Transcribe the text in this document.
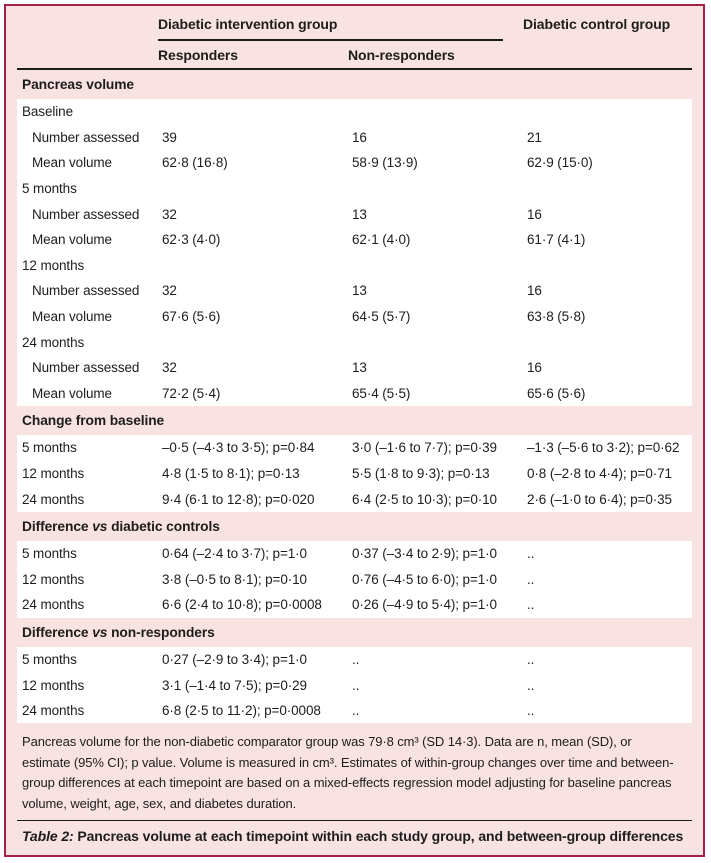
Diabetic intervention group	Diabetic control group
Responders	Non-responders
Pancreas volume
Baseline
Number assessed	39	16	21
Mean volume	62·8 (16·8)	58·9 (13·9)	62·9 (15·0)
5 months
Number assessed	32	13	16
Mean volume	62·3 (4·0)	62·1 (4·0)	61·7 (4·1)
12 months
Number assessed	32	13	16
Mean volume	67·6 (5·6)	64·5 (5·7)	63·8 (5·8)
24 months
Number assessed	32	13	16
Mean volume	72·2 (5·4)	65·4 (5·5)	65·6 (5·6)
Change from baseline
5 months	–0·5 (–4·3 to 3·5); p=0·84	3·0 (–1·6 to 7·7); p=0·39	–1·3 (–5·6 to 3·2); p=0·62
12 months	4·8 (1·5 to 8·1); p=0·13	5·5 (1·8 to 9·3); p=0·13	0·8 (–2·8 to 4·4); p=0·71
24 months	9·4 (6·1 to 12·8); p=0·020	6·4 (2·5 to 10·3); p=0·10	2·6 (–1·0 to 6·4); p=0·35
Difference vs diabetic controls
5 months	0·64 (–2·4 to 3·7); p=1·0	0·37 (–3·4 to 2·9); p=1·0	..
12 months	3·8 (–0·5 to 8·1); p=0·10	0·76 (–4·5 to 6·0); p=1·0	..
24 months	6·6 (2·4 to 10·8); p=0·0008	0·26 (–4·9 to 5·4); p=1·0	..
Difference vs non-responders
5 months	0·27 (–2·9 to 3·4); p=1·0	..	..
12 months	3·1 (–1·4 to 7·5); p=0·29	..	..
24 months	6·8 (2·5 to 11·2); p=0·0008	..	..
Pancreas volume for the non-diabetic comparator group was 79·8 cm³ (SD 14·3). Data are n, mean (SD), or estimate (95% CI); p value. Volume is measured in cm³. Estimates of within-group changes over time and between-group differences at each timepoint are based on a mixed-effects regression model adjusting for baseline pancreas volume, weight, age, sex, and diabetes duration.
Table 2: Pancreas volume at each timepoint within each study group, and between-group differences
